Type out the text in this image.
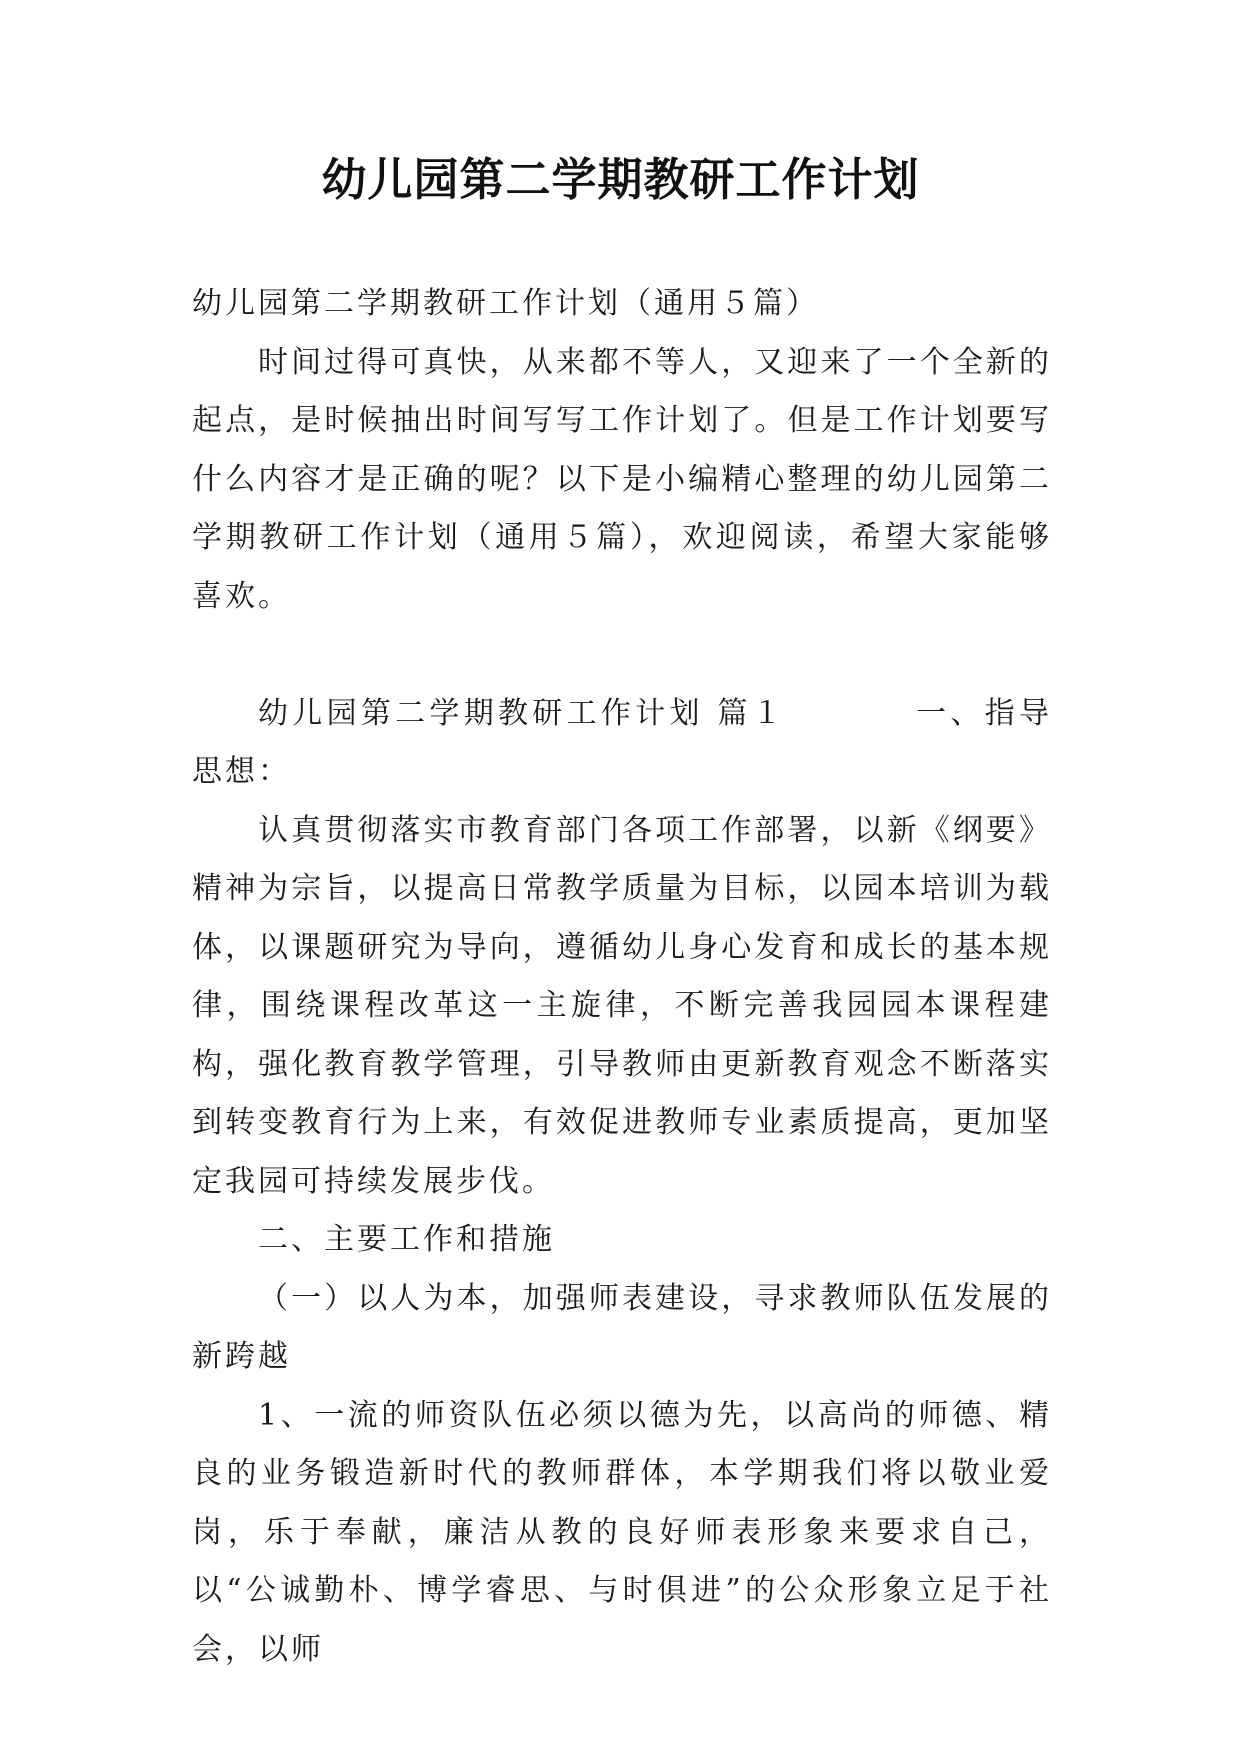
幼儿园第二学期教研工作计划

幼儿园第二学期教研工作计划（通用５篇）

时间过得可真快，从来都不等人，又迎来了一个全新的起点，是时候抽出时间写写工作计划了。但是工作计划要写什么内容才是正确的呢？以下是小编精心整理的幼儿园第二学期教研工作计划（通用５篇），欢迎阅读，希望大家能够喜欢。

幼儿园第二学期教研工作计划 篇１	一、指导思想：

认真贯彻落实市教育部门各项工作部署，以新《纲要》精神为宗旨，以提高日常教学质量为目标，以园本培训为载体，以课题研究为导向，遵循幼儿身心发育和成长的基本规律，围绕课程改革这一主旋律，不断完善我园园本课程建构，强化教育教学管理，引导教师由更新教育观念不断落实到转变教育行为上来，有效促进教师专业素质提高，更加坚定我园可持续发展步伐。

二、主要工作和措施

（一）以人为本，加强师表建设，寻求教师队伍发展的新跨越

1、一流的师资队伍必须以德为先，以高尚的师德、精良的业务锻造新时代的教师群体，本学期我们将以敬业爱岗，乐于奉献，廉洁从教的良好师表形象来要求自己，以“公诚勤朴、博学睿思、与时俱进”的公众形象立足于社会，以师
